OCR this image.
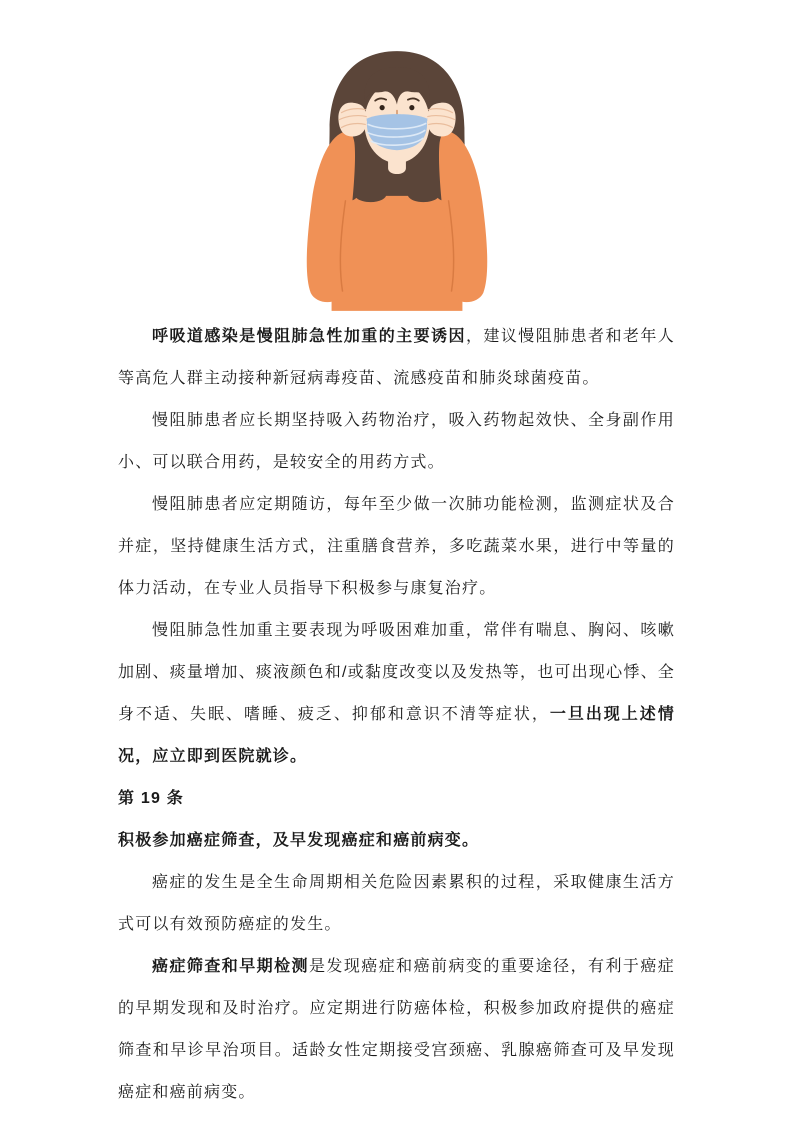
呼吸道感染是慢阻肺急性加重的主要诱因，建议慢阻肺患者和老年人等高危人群主动接种新冠病毒疫苗、流感疫苗和肺炎球菌疫苗。

慢阻肺患者应长期坚持吸入药物治疗，吸入药物起效快、全身副作用小、可以联合用药，是较安全的用药方式。

慢阻肺患者应定期随访，每年至少做一次肺功能检测，监测症状及合并症，坚持健康生活方式，注重膳食营养，多吃蔬菜水果，进行中等量的体力活动，在专业人员指导下积极参与康复治疗。

慢阻肺急性加重主要表现为呼吸困难加重，常伴有喘息、胸闷、咳嗽加剧、痰量增加、痰液颜色和/或黏度改变以及发热等，也可出现心悸、全身不适、失眠、嗜睡、疲乏、抑郁和意识不清等症状，一旦出现上述情况，应立即到医院就诊。

第 19 条

积极参加癌症筛查，及早发现癌症和癌前病变。

癌症的发生是全生命周期相关危险因素累积的过程，采取健康生活方式可以有效预防癌症的发生。

癌症筛查和早期检测是发现癌症和癌前病变的重要途径，有利于癌症的早期发现和及时治疗。应定期进行防癌体检，积极参加政府提供的癌症筛查和早诊早治项目。适龄女性定期接受宫颈癌、乳腺癌筛查可及早发现癌症和癌前病变。
